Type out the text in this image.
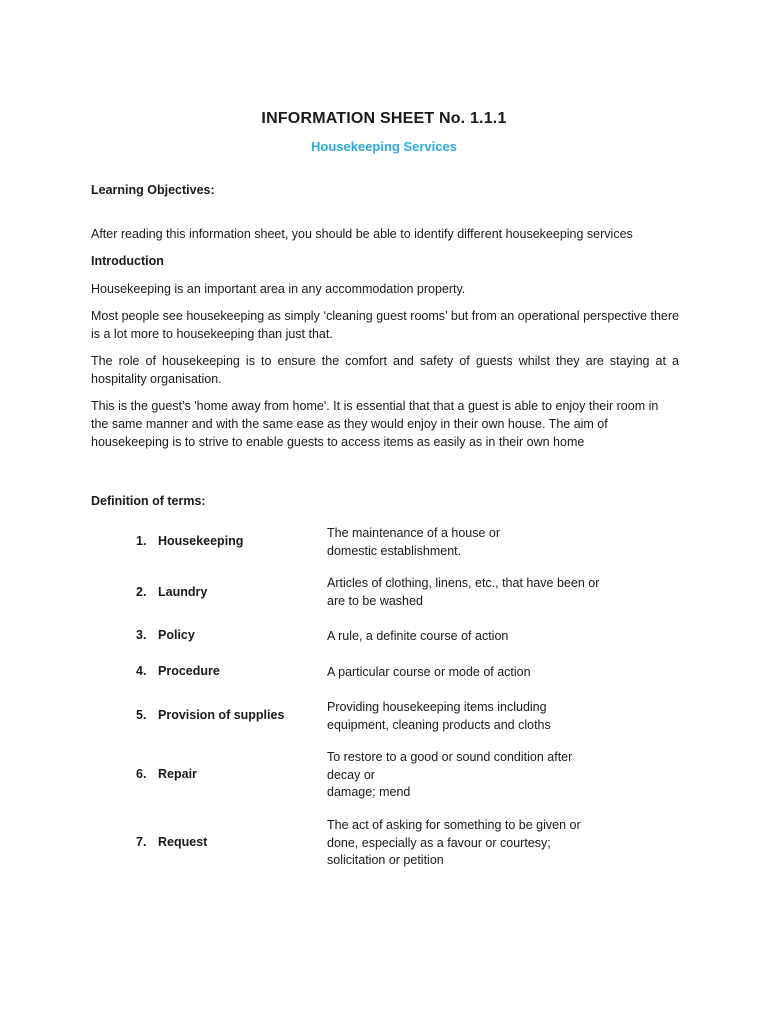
INFORMATION SHEET No. 1.1.1
Housekeeping Services
Learning Objectives:
After reading this information sheet, you should be able to identify different housekeeping services
Introduction
Housekeeping is an important area in any accommodation property.
Most people see housekeeping as simply ‘cleaning guest rooms’ but from an operational perspective there is a lot more to housekeeping than just that.
The role of housekeeping is to ensure the comfort and safety of guests whilst they are staying at a hospitality organisation.
This is the guest’s 'home away from home'. It is essential that that a guest is able to enjoy their room in the same manner and with the same ease as they would enjoy in their own house. The aim of housekeeping is to strive to enable guests to access items as easily as in their own home
Definition of terms:
1. Housekeeping
The maintenance of a house or
domestic establishment.
2. Laundry
Articles of clothing, linens, etc., that have been or
are to be washed
3. Policy	A rule, a definite course of action
4. Procedure	A particular course or mode of action
5. Provision of supplies
Providing housekeeping items including
equipment, cleaning products and cloths
6. Repair
To restore to a good or sound condition after
decay or
damage; mend
7. Request
The act of asking for something to be given or
done, especially as a favour or courtesy;
solicitation or petition
